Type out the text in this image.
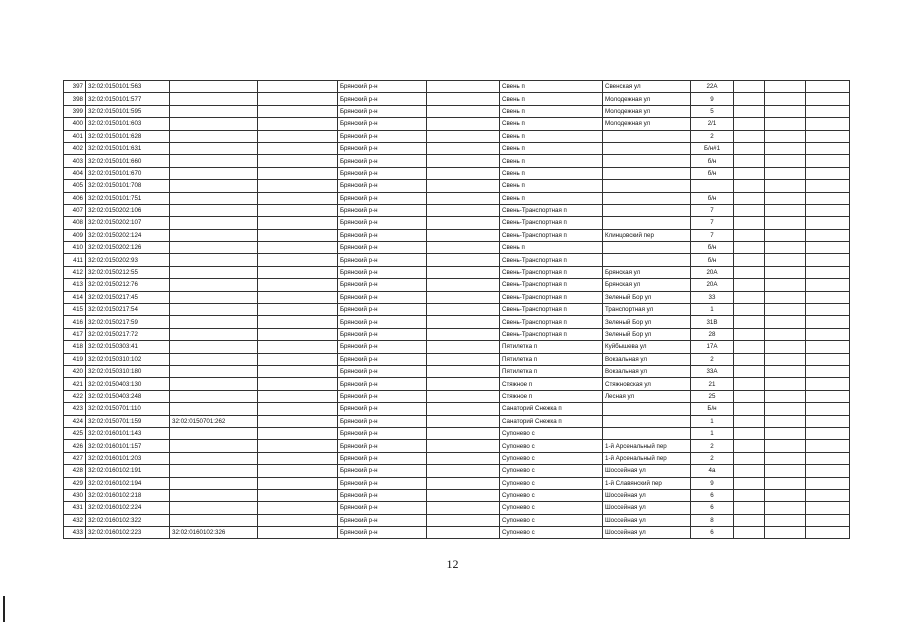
397	32:02:0150101:563			Брянский р-н		Свень п	Свенская ул	22А			
398	32:02:0150101:577			Брянский р-н		Свень п	Молодежная ул	9			
399	32:02:0150101:595			Брянский р-н		Свень п	Молодежная ул	5			
400	32:02:0150101:603			Брянский р-н		Свень п	Молодежная ул	2/1			
401	32:02:0150101:628			Брянский р-н		Свень п		2			
402	32:02:0150101:631			Брянский р-н		Свень п		Б/н#1			
403	32:02:0150101:660			Брянский р-н		Свень п		б/н			
404	32:02:0150101:670			Брянский р-н		Свень п		б/н			
405	32:02:0150101:708			Брянский р-н		Свень п					
406	32:02:0150101:751			Брянский р-н		Свень п		б/н			
407	32:02:0150202:106			Брянский р-н		Свень-Транспортная п		7			
408	32:02:0150202:107			Брянский р-н		Свень-Транспортная п		7			
409	32:02:0150202:124			Брянский р-н		Свень-Транспортная п	Клинцовский пер	7			
410	32:02:0150202:126			Брянский р-н		Свень п		б/н			
411	32:02:0150202:93			Брянский р-н		Свень-Транспортная п		б/н			
412	32:02:0150212:55			Брянский р-н		Свень-Транспортная п	Брянская ул	20А			
413	32:02:0150212:76			Брянский р-н		Свень-Транспортная п	Брянская ул	20А			
414	32:02:0150217:45			Брянский р-н		Свень-Транспортная п	Зеленый Бор ул	33			
415	32:02:0150217:54			Брянский р-н		Свень-Транспортная п	Транспортная ул	1			
416	32:02:0150217:59			Брянский р-н		Свень-Транспортная п	Зеленый Бор ул	31В			
417	32:02:0150217:72			Брянский р-н		Свень-Транспортная п	Зеленый Бор ул	28			
418	32:02:0150303:41			Брянский р-н		Пятилетка п	Куйбышева ул	17А			
419	32:02:0150310:102			Брянский р-н		Пятилетка п	Вокзальная ул	2			
420	32:02:0150310:180			Брянский р-н		Пятилетка п	Вокзальная ул	33А			
421	32:02:0150403:130			Брянский р-н		Стяжное п	Стяжновская ул	21			
422	32:02:0150403:248			Брянский р-н		Стяжное п	Лесная ул	25			
423	32:02:0150701:110			Брянский р-н		Санаторий Снежка п		Б/н			
424	32:02:0150701:159	32:02:0150701:262		Брянский р-н		Санаторий Снежка п		1			
425	32:02:0160101:143			Брянский р-н		Супонево с		1			
426	32:02:0160101:157			Брянский р-н		Супонево с	1-й Арсенальный пер	2			
427	32:02:0160101:203			Брянский р-н		Супонево с	1-й Арсенальный пер	2			
428	32:02:0160102:191			Брянский р-н		Супонево с	Шоссейная ул	4а			
429	32:02:0160102:194			Брянский р-н		Супонево с	1-й Славянский пер	9			
430	32:02:0160102:218			Брянский р-н		Супонево с	Шоссейная ул	6			
431	32:02:0160102:224			Брянский р-н		Супонево с	Шоссейная ул	6			
432	32:02:0160102:322			Брянский р-н		Супонево с	Шоссейная ул	8			
433	32:02:0160102:223	32:02:0160102:326		Брянский р-н		Супонево с	Шоссейная ул	6			
12
